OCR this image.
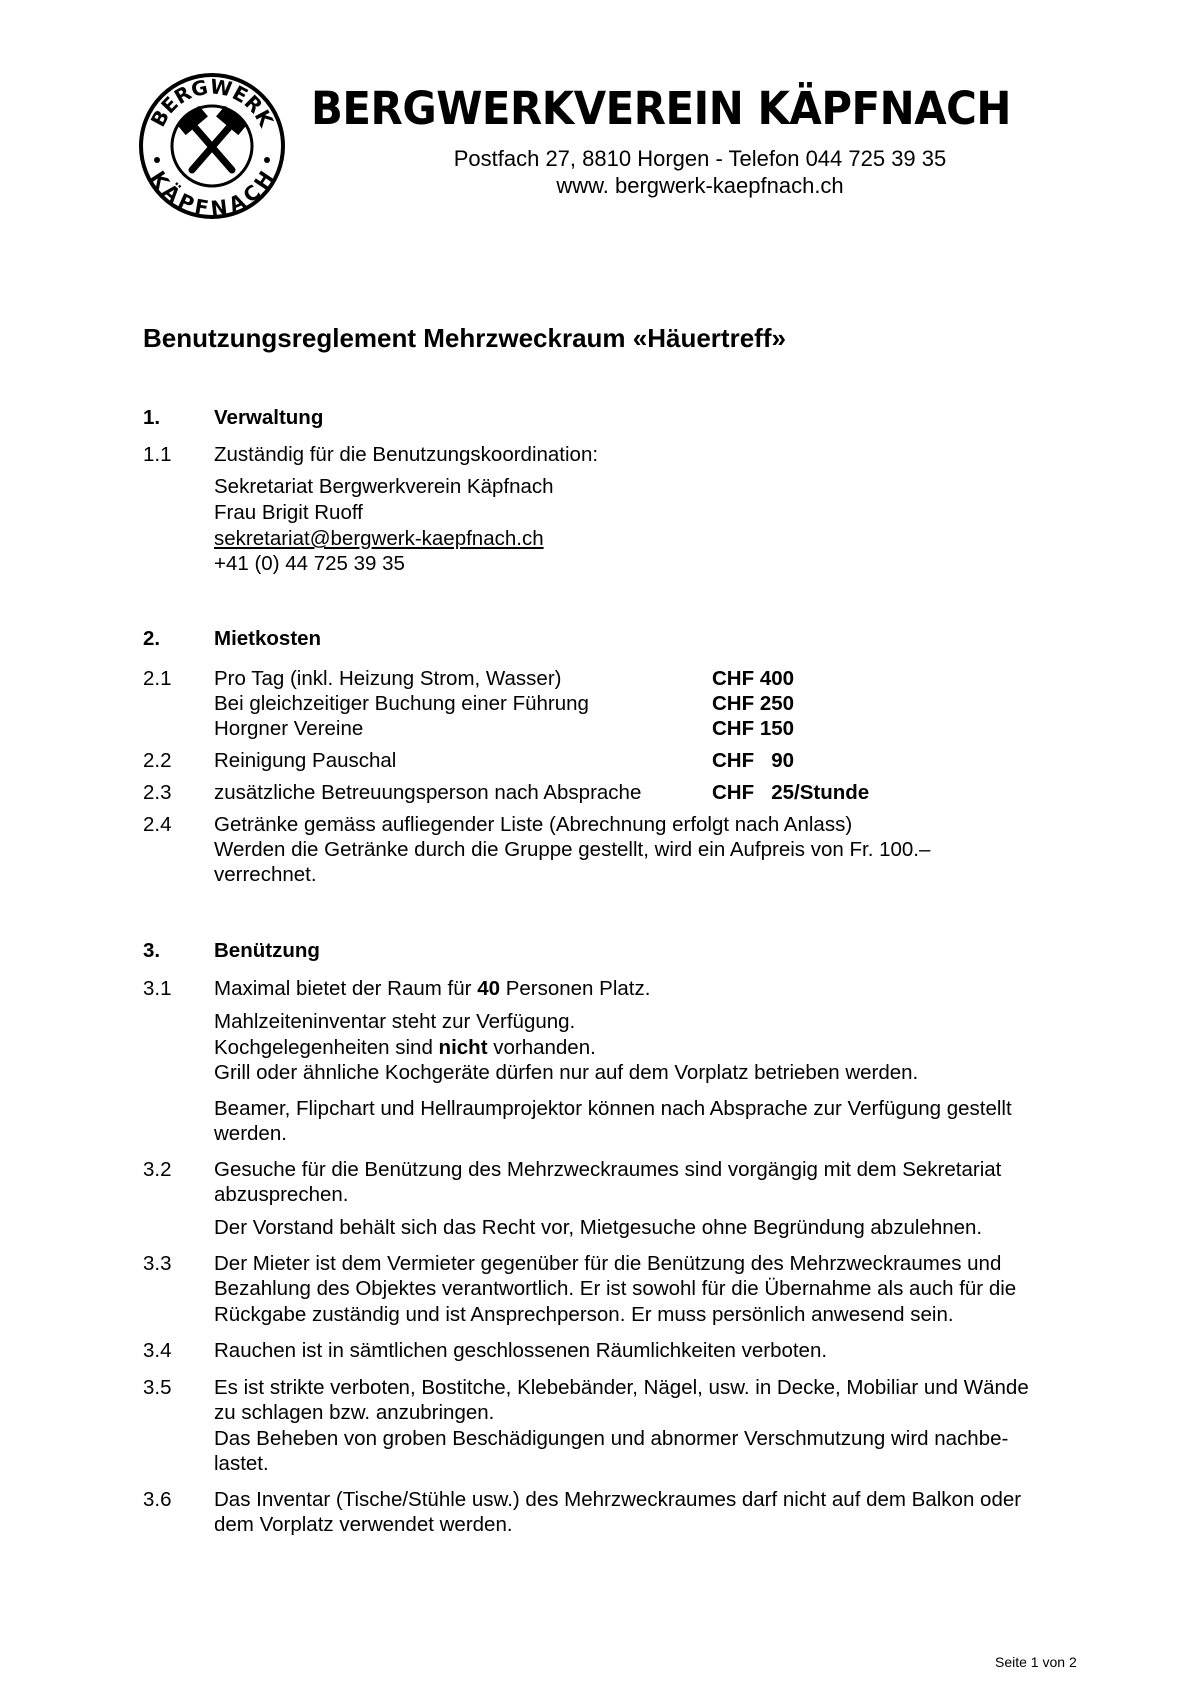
BERGWERK
KÄPFNACH
BERGWERKVEREIN KÄPFNACH
Postfach 27, 8810 Horgen - Telefon 044 725 39 35
www. bergwerk-kaepfnach.ch
Benutzungsreglement Mehrzweckraum «Häuertreff»
1.	Verwaltung
1.1 Zuständig für die Benutzungskoordination:
Sekretariat Bergwerkverein Käpfnach
Frau Brigit Ruoff
sekretariat@bergwerk-kaepfnach.ch
+41 (0) 44 725 39 35
2.	Mietkosten
2.1 Pro Tag (inkl. Heizung Strom, Wasser)	CHF 400
Bei gleichzeitiger Buchung einer Führung	CHF 250
Horgner Vereine	CHF 150
2.2 Reinigung Pauschal	CHF   90
2.3 zusätzliche Betreuungsperson nach Absprache	CHF   25/Stunde
2.4 Getränke gemäss aufliegender Liste (Abrechnung erfolgt nach Anlass)
Werden die Getränke durch die Gruppe gestellt, wird ein Aufpreis von Fr. 100.–
verrechnet.
3.	Benützung
3.1 Maximal bietet der Raum für 40 Personen Platz.
Mahlzeiteninventar steht zur Verfügung.
Kochgelegenheiten sind nicht vorhanden.
Grill oder ähnliche Kochgeräte dürfen nur auf dem Vorplatz betrieben werden.
Beamer, Flipchart und Hellraumprojektor können nach Absprache zur Verfügung gestellt
werden.
3.2 Gesuche für die Benützung des Mehrzweckraumes sind vorgängig mit dem Sekretariat
abzusprechen.
Der Vorstand behält sich das Recht vor, Mietgesuche ohne Begründung abzulehnen.
3.3 Der Mieter ist dem Vermieter gegenüber für die Benützung des Mehrzweckraumes und
Bezahlung des Objektes verantwortlich. Er ist sowohl für die Übernahme als auch für die
Rückgabe zuständig und ist Ansprechperson. Er muss persönlich anwesend sein.
3.4 Rauchen ist in sämtlichen geschlossenen Räumlichkeiten verboten.
3.5 Es ist strikte verboten, Bostitche, Klebebänder, Nägel, usw. in Decke, Mobiliar und Wände
zu schlagen bzw. anzubringen.
Das Beheben von groben Beschädigungen und abnormer Verschmutzung wird nachbe-
lastet.
3.6 Das Inventar (Tische/Stühle usw.) des Mehrzweckraumes darf nicht auf dem Balkon oder
dem Vorplatz verwendet werden.
Seite 1 von 2
